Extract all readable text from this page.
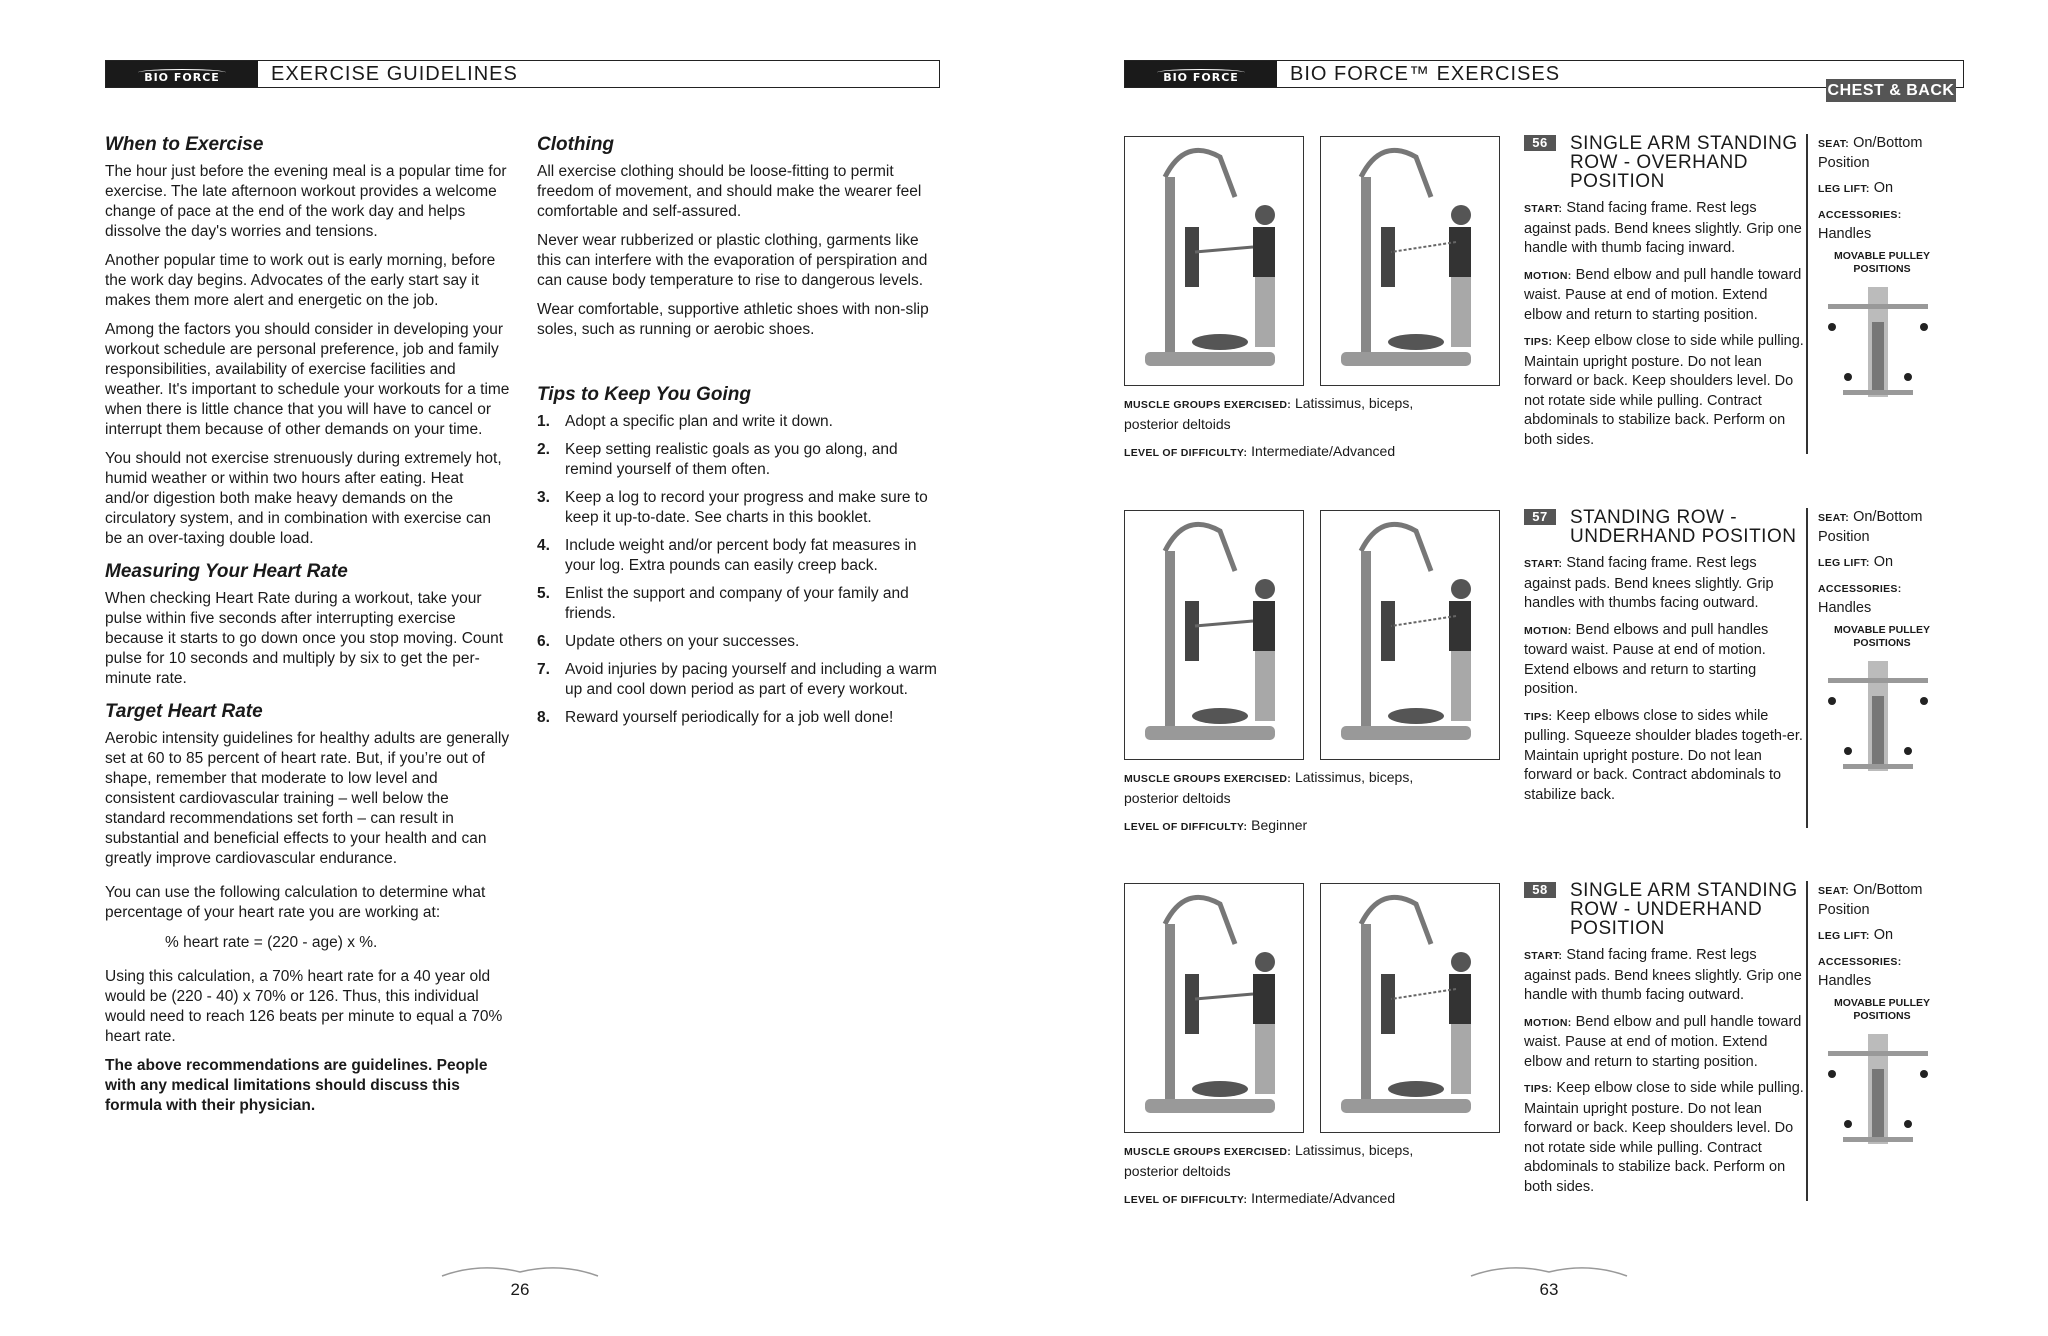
BIO FORCE	EXERCISE GUIDELINES
When to Exercise

The hour just before the evening meal is a popular time for exercise. The late afternoon workout provides a welcome change of pace at the end of the work day and helps dissolve the day's worries and tensions.

Another popular time to work out is early morning, before the work day begins. Advocates of the early start say it makes them more alert and energetic on the job.

Among the factors you should consider in developing your workout schedule are personal preference, job and family responsibilities, availability of exercise facilities and weather. It's important to schedule your workouts for a time when there is little chance that you will have to cancel or interrupt them because of other demands on your time.

You should not exercise strenuously during extremely hot, humid weather or within two hours after eating. Heat and/or digestion both make heavy demands on the circulatory system, and in combination with exercise can be an over-taxing double load.

Measuring Your Heart Rate

When checking Heart Rate during a workout, take your pulse within five seconds after interrupting exercise because it starts to go down once you stop moving. Count pulse for 10 seconds and multiply by six to get the per-minute rate.

Target Heart Rate

Aerobic intensity guidelines for healthy adults are generally set at 60 to 85 percent of heart rate. But, if you’re out of shape, remember that moderate to low level and consistent cardiovascular training – well below the standard recommendations set forth – can result in substantial and beneficial effects to your health and can greatly improve cardiovascular endurance.

You can use the following calculation to determine what percentage of your heart rate you are working at:

% heart rate = (220 - age) x %.

Using this calculation, a 70% heart rate for a 40 year old would be (220 - 40) x 70% or 126. Thus, this individual would need to reach 126 beats per minute to equal a 70% heart rate.

The above recommendations are guidelines. People with any medical limitations should discuss this formula with their physician.

Clothing

All exercise clothing should be loose-fitting to permit freedom of movement, and should make the wearer feel comfortable and self-assured.

Never wear rubberized or plastic clothing, garments like this can interfere with the evaporation of perspiration and can cause body temperature to rise to dangerous levels.

Wear comfortable, supportive athletic shoes with non-slip soles, such as running or aerobic shoes.

Tips to Keep You Going
1. Adopt a specific plan and write it down.
2. Keep setting realistic goals as you go along, and remind yourself of them often.
3. Keep a log to record your progress and make sure to keep it up-to-date. See charts in this booklet.
4. Include weight and/or percent body fat measures in your log. Extra pounds can easily creep back.
5. Enlist the support and company of your family and friends.
6. Update others on your successes.
7. Avoid injuries by pacing yourself and including a warm up and cool down period as part of every workout.
8. Reward yourself periodically for a job well done!
26
BIO FORCE	BIO FORCE™ EXERCISES
CHEST & BACK
MUSCLE GROUPS EXERCISED: Latissimus, biceps, posterior deltoids
LEVEL OF DIFFICULTY: Intermediate/Advanced
56	SINGLE ARM STANDING ROW - OVERHAND POSITION

START: Stand facing frame. Rest legs against pads. Bend knees slightly. Grip one handle with thumb facing inward.

MOTION: Bend elbow and pull handle toward waist. Pause at end of motion. Extend elbow and return to starting position.

TIPS: Keep elbow close to side while pulling. Maintain upright posture. Do not lean forward or back. Keep shoulders level. Do not rotate side while pulling. Contract abdominals to stabilize back. Perform on both sides.

SEAT: On/Bottom Position

LEG LIFT: On

ACCESSORIES:
Handles

MOVABLE PULLEY POSITIONS
MUSCLE GROUPS EXERCISED: Latissimus, biceps, posterior deltoids
LEVEL OF DIFFICULTY: Beginner
57	STANDING ROW - UNDERHAND POSITION

START: Stand facing frame. Rest legs against pads. Bend knees slightly. Grip handles with thumbs facing outward.

MOTION: Bend elbows and pull handles toward waist. Pause at end of motion. Extend elbows and return to starting position.

TIPS: Keep elbows close to sides while pulling. Squeeze shoulder blades togeth-er. Maintain upright posture. Do not lean forward or back. Contract abdominals to stabilize back.

SEAT: On/Bottom Position

LEG LIFT: On

ACCESSORIES:
Handles

MOVABLE PULLEY POSITIONS
MUSCLE GROUPS EXERCISED: Latissimus, biceps, posterior deltoids
LEVEL OF DIFFICULTY: Intermediate/Advanced
58	SINGLE ARM STANDING ROW - UNDERHAND POSITION

START: Stand facing frame. Rest legs against pads. Bend knees slightly. Grip one handle with thumb facing outward.

MOTION: Bend elbow and pull handle toward waist. Pause at end of motion. Extend elbow and return to starting position.

TIPS: Keep elbow close to side while pulling. Maintain upright posture. Do not lean forward or back. Keep shoulders level. Do not rotate side while pulling. Contract abdominals to stabilize back. Perform on both sides.

SEAT: On/Bottom Position

LEG LIFT: On

ACCESSORIES:
Handles

MOVABLE PULLEY POSITIONS
63
